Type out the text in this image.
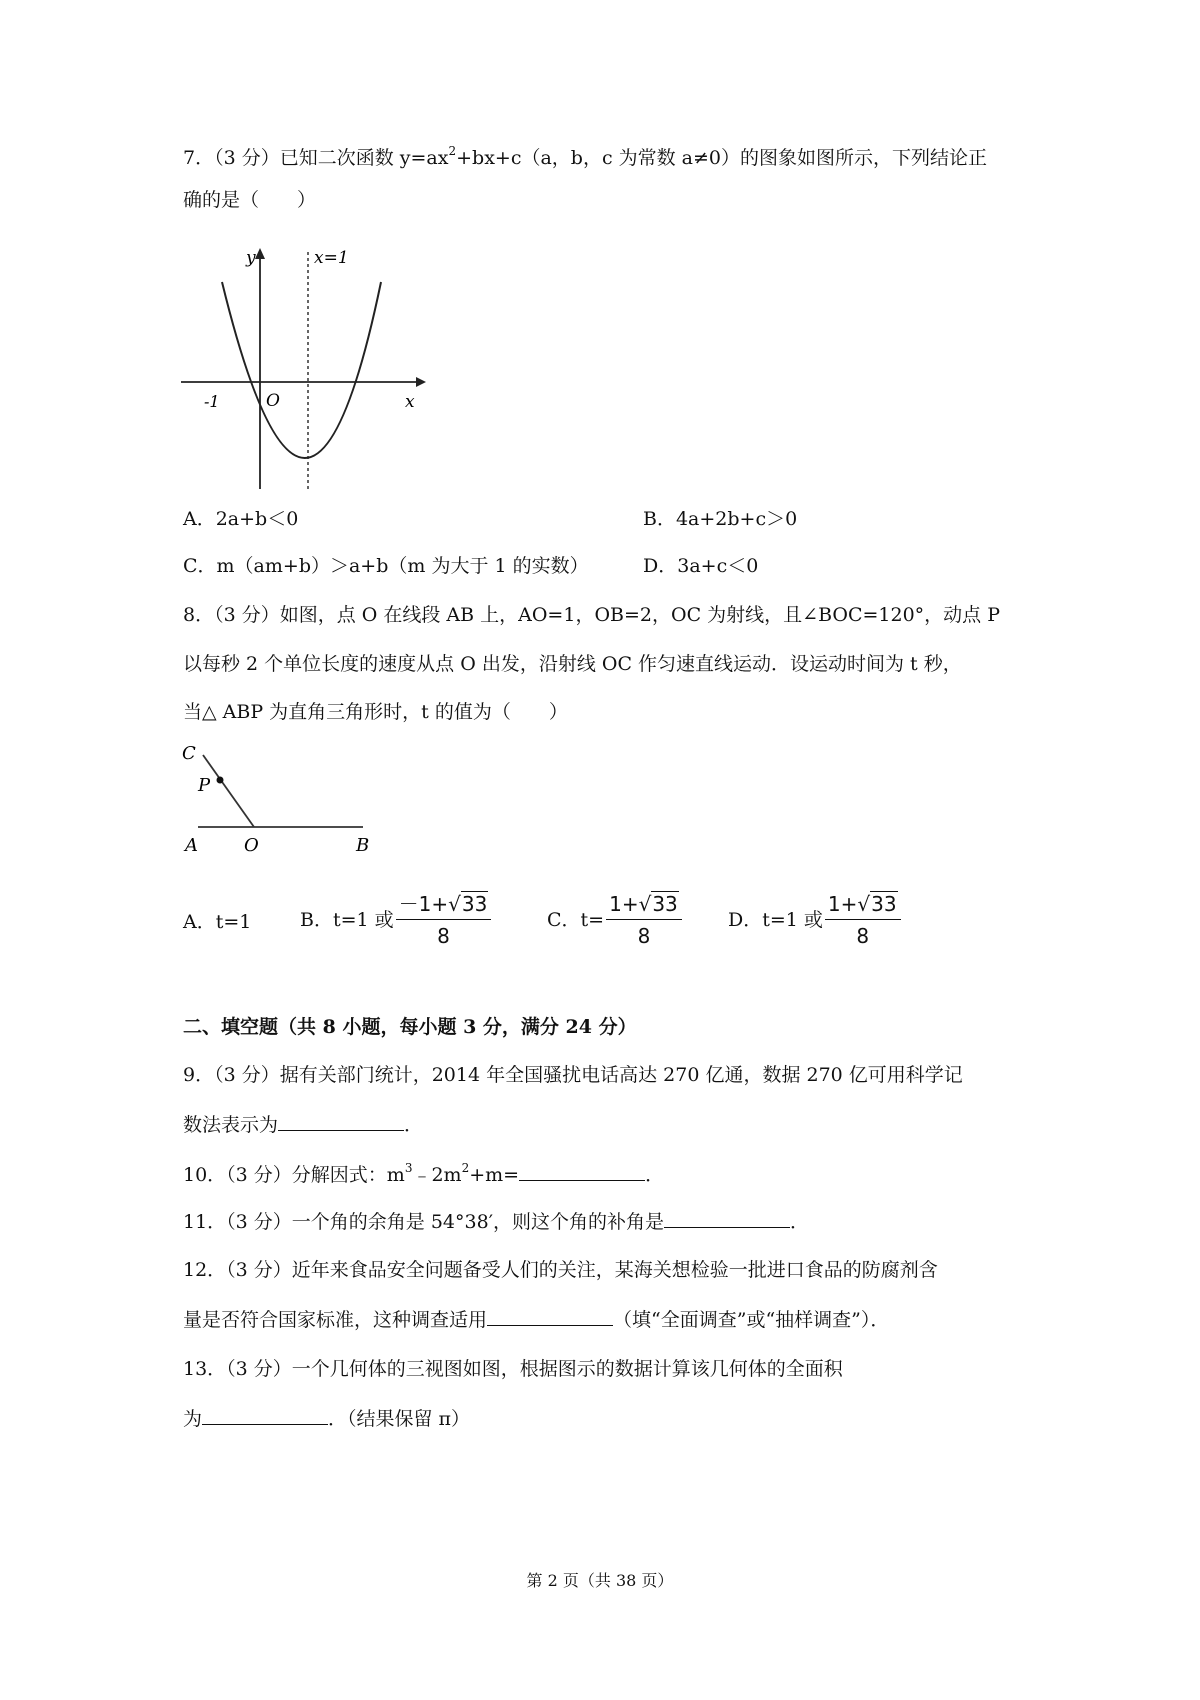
7．（3 分）已知二次函数 $y=ax^2+bx+c(a$，b，c 为常数 a≠0）的图象如图所示，下列结论正
确的是（　　）
y
x
O
-1
x=1
A．2a+b＜0	B．4a+2b+c＞0
C．m（am+b）＞a+b（m 为大于 1 的实数）	D．3a+c＜0
8．（3 分）如图，点 O 在线段 AB 上，AO=1，OB=2，OC 为射线，且∠BOC=120°，动点 P
以每秒 2 个单位长度的速度从点 O 出发，沿射线 OC 作匀速直线运动．设运动时间为 t 秒，
当△ ABP 为直角三角形时，t 的值为（　　）
C
P
A	O	B
A．t=1	B．t=1 或 $\frac{-1+√33}{8}$	C．$t= \frac{1+√33}{8}$ D．t=1 或 $\frac{1+√33}{8}$
二、填空题（共 8 小题，每小题 3 分，满分 24 分）
9．（3 分）据有关部门统计，2014 年全国骚扰电话高达 270 亿通，数据 270 亿可用科学记
数法表示为	．
10．（3 分）分解因式：$m^3﹣2m^2+m=$	．
11．（3 分）一个角的余角是 54°38′，则这个角的补角是	．
12．（3 分）近年来食品安全问题备受人们的关注，某海关想检验一批进口食品的防腐剂含
量是否符合国家标准，这种调查适用	（填“全面调查”或“抽样调查”）．
13．（3 分）一个几何体的三视图如图，根据图示的数据计算该几何体的全面积
为	．（结果保留 π）
第 2 页（共 38 页）
